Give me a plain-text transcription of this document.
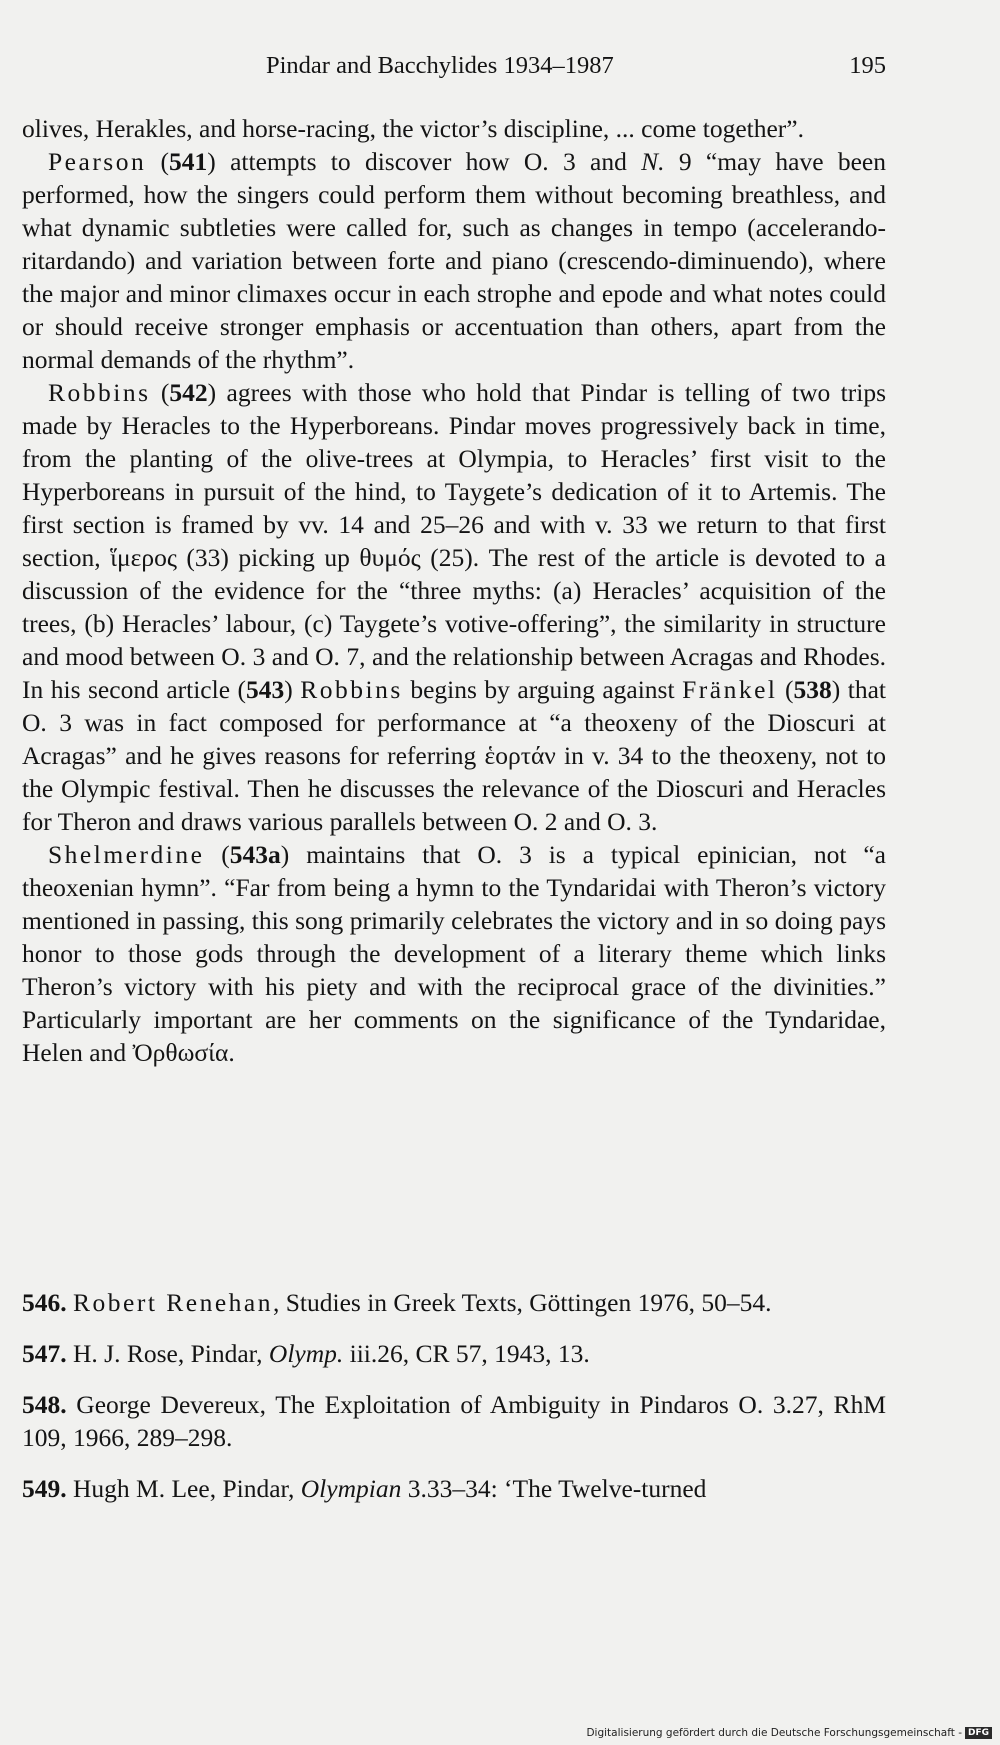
Pindar and Bacchylides 1934–1987	195

olives, Herakles, and horse-racing, the victor’s discipline, ... come together”.

Pearson (541) attempts to discover how O. 3 and N. 9 “may have been performed, how the singers could perform them without becoming breathless, and what dynamic subtleties were called for, such as changes in tempo (accelerando-ritardando) and variation between forte and piano (crescendo-diminuendo), where the major and minor climaxes occur in each strophe and epode and what notes could or should receive stronger emphasis or accentuation than others, apart from the normal demands of the rhythm”.

Robbins (542) agrees with those who hold that Pindar is telling of two trips made by Heracles to the Hyperboreans. Pindar moves progressively back in time, from the planting of the olive-trees at Olympia, to Heracles’ first visit to the Hyperboreans in pursuit of the hind, to Taygete’s dedication of it to Artemis. The first section is framed by vv. 14 and 25–26 and with v. 33 we return to that first section, ἵμερος (33) picking up θυμός (25). The rest of the article is devoted to a discussion of the evidence for the “three myths: (a) Heracles’ acquisition of the trees, (b) Heracles’ labour, (c) Taygete’s votive-offering”, the similarity in structure and mood between O. 3 and O. 7, and the relationship between Acragas and Rhodes. In his second article (543) Robbins begins by arguing against Fränkel (538) that O. 3 was in fact composed for performance at “a theoxeny of the Dioscuri at Acragas” and he gives reasons for referring ἑορτάν in v. 34 to the theoxeny, not to the Olympic festival. Then he discusses the relevance of the Dioscuri and Heracles for Theron and draws various parallels between O. 2 and O. 3.

Shelmerdine (543a) maintains that O. 3 is a typical epinician, not “a theoxenian hymn”. “Far from being a hymn to the Tyndaridai with Theron’s victory mentioned in passing, this song primarily celebrates the victory and in so doing pays honor to those gods through the development of a literary theme which links Theron’s victory with his piety and with the reciprocal grace of the divinities.” Particularly important are her comments on the significance of the Tyndaridae, Helen and Ὀρθωσία.

546. Robert Renehan, Studies in Greek Texts, Göttingen 1976, 50–54.

547. H. J. Rose, Pindar, Olymp. iii.26, CR 57, 1943, 13.

548. George Devereux, The Exploitation of Ambiguity in Pindaros O. 3.27, RhM 109, 1966, 289–298.

549. Hugh M. Lee, Pindar, Olympian 3.33–34: ‘The Twelve-turned

Digitalisierung gefördert durch die Deutsche Forschungsgemeinschaft - DFG
